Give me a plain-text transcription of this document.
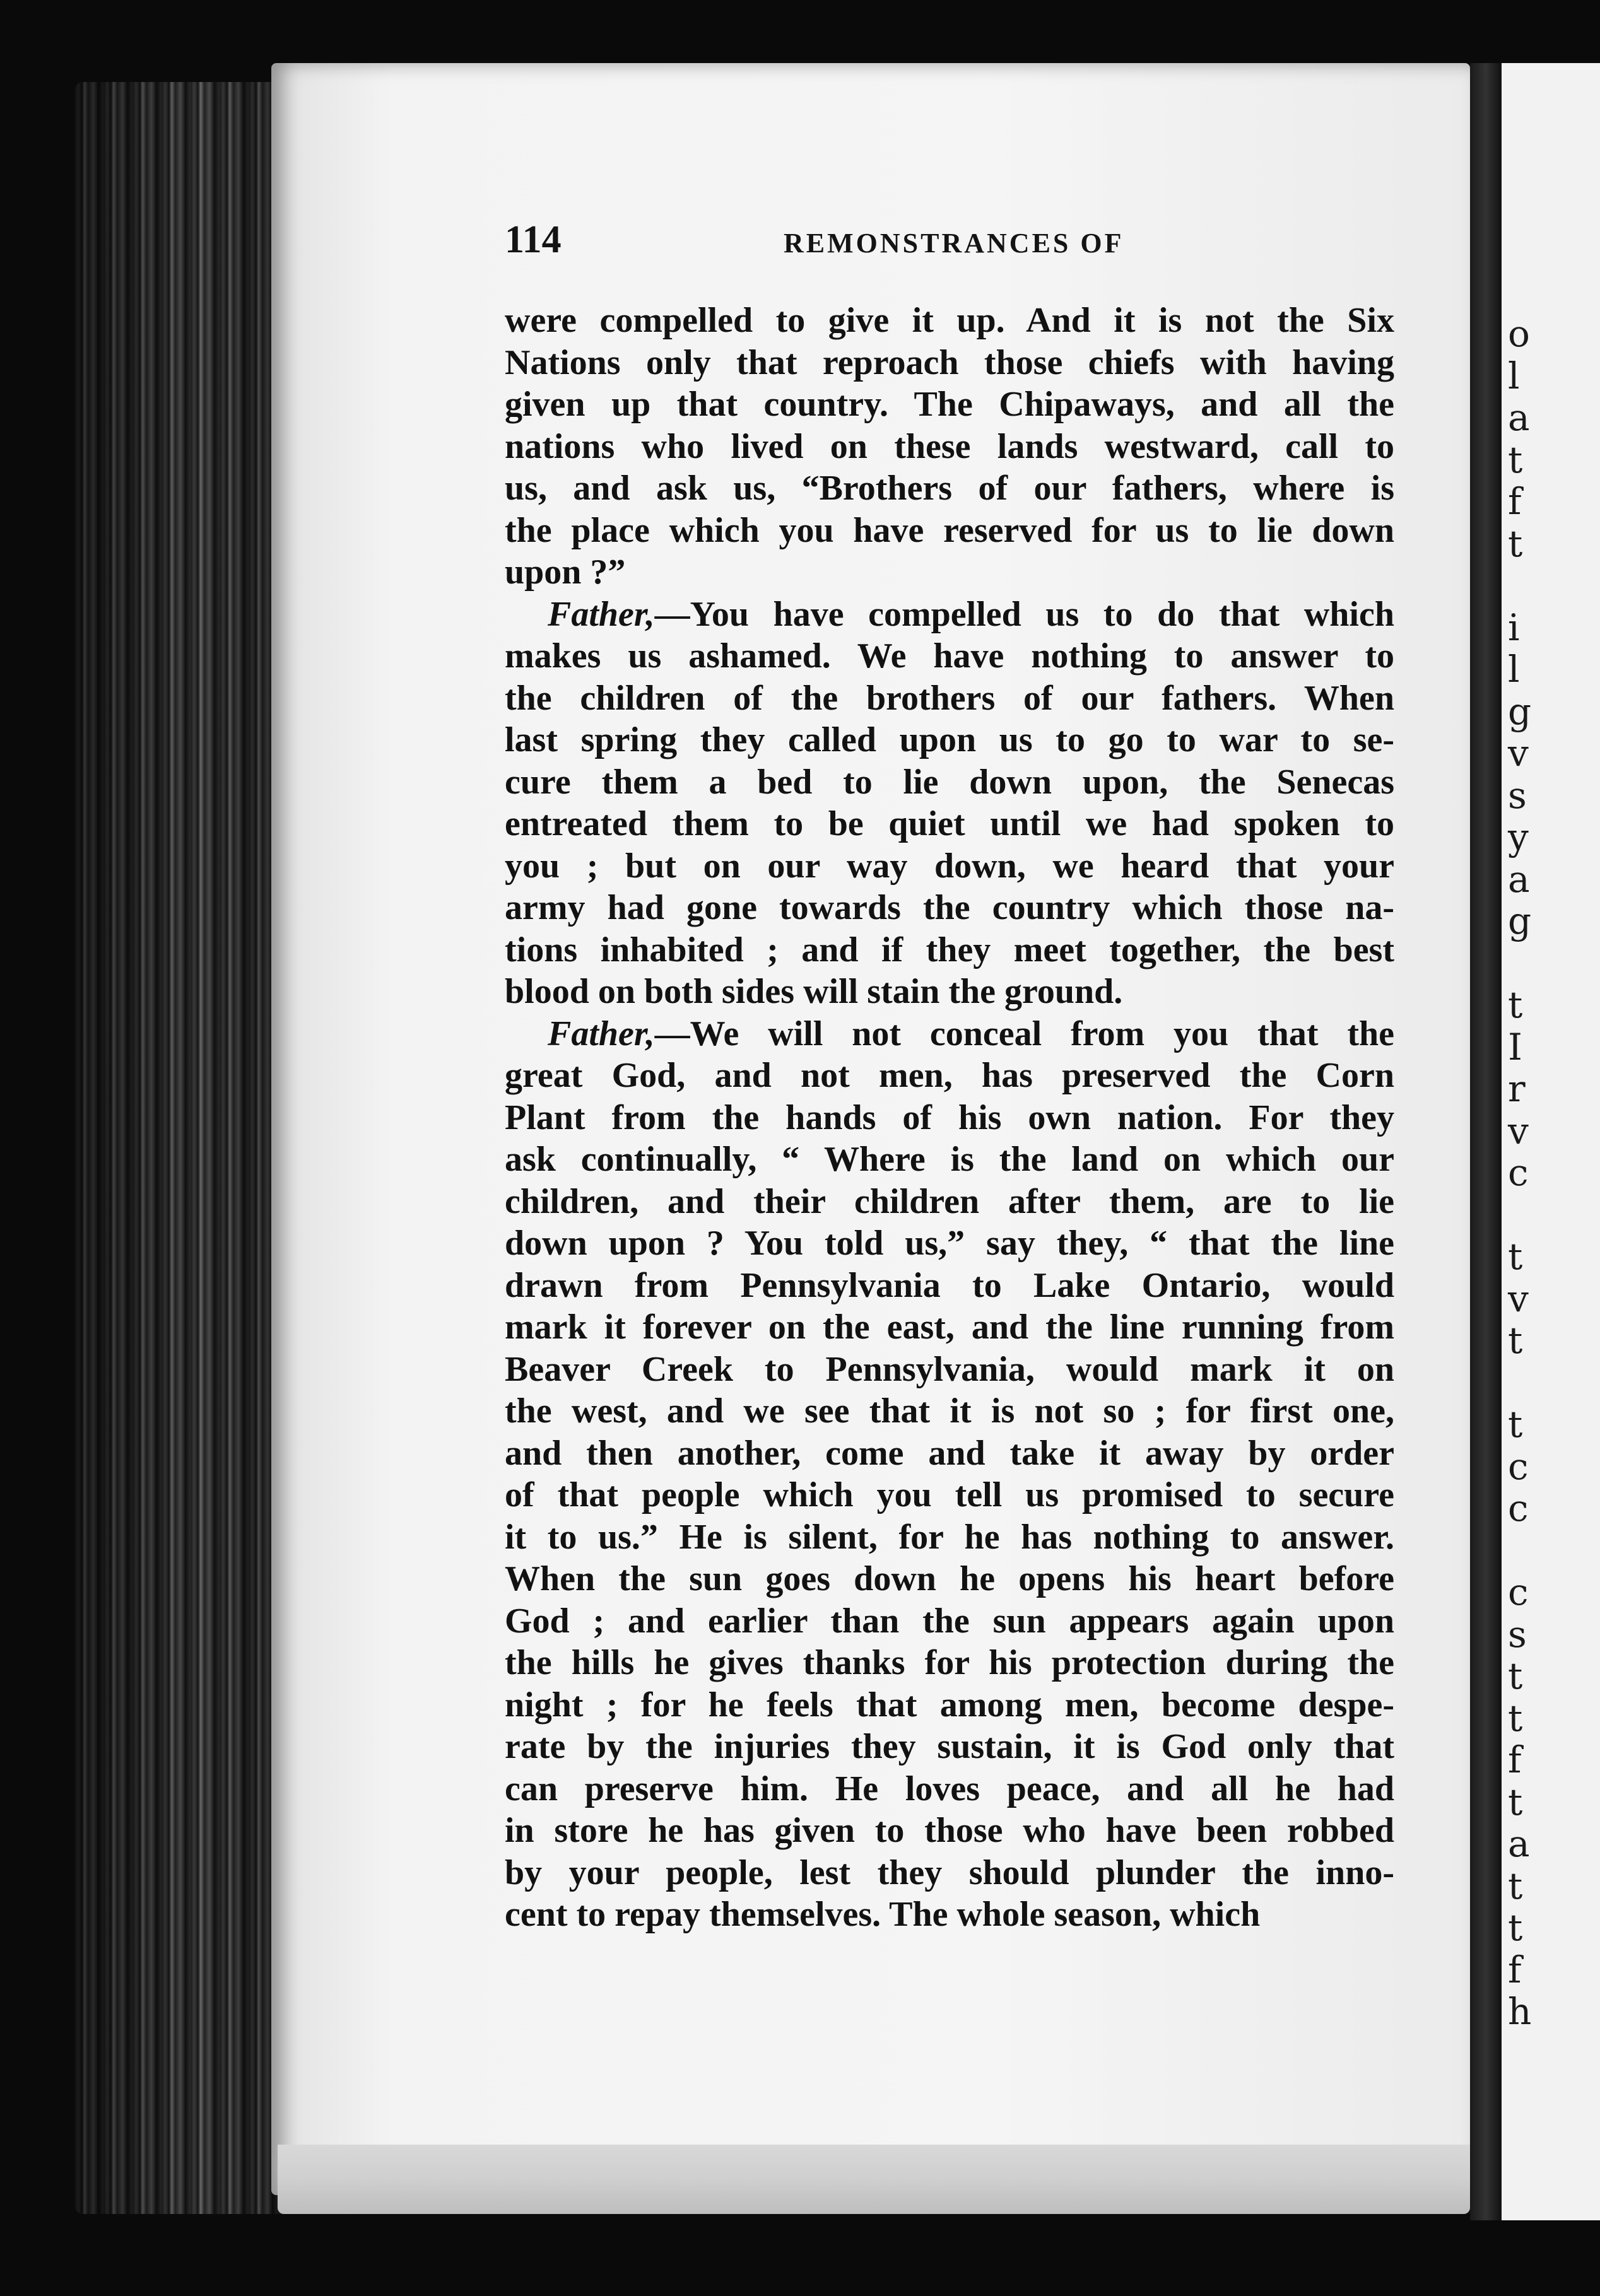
o
l
a
t
f
t
i
l
g
v
s
y
a
g
t
I
r
v
c
t
v
t
t
c
c
c
s
t
t
f
t
a
t
t
f
h
114	REMONSTRANCES OF
were compelled to give it up. And it is not the Six
Nations only that reproach those chiefs with having
given up that country. The Chipaways, and all the
nations who lived on these lands westward, call to
us, and ask us, “Brothers of our fathers, where is
the place which you have reserved for us to lie down
upon ?”
Father,—You have compelled us to do that which
makes us ashamed. We have nothing to answer to
the children of the brothers of our fathers. When
last spring they called upon us to go to war to se-
cure them a bed to lie down upon, the Senecas
entreated them to be quiet until we had spoken to
you ; but on our way down, we heard that your
army had gone towards the country which those na-
tions inhabited ; and if they meet together, the best
blood on both sides will stain the ground.
Father,—We will not conceal from you that the
great God, and not men, has preserved the Corn
Plant from the hands of his own nation. For they
ask continually, “ Where is the land on which our
children, and their children after them, are to lie
down upon ? You told us,” say they, “ that the line
drawn from Pennsylvania to Lake Ontario, would
mark it forever on the east, and the line running from
Beaver Creek to Pennsylvania, would mark it on
the west, and we see that it is not so ; for first one,
and then another, come and take it away by order
of that people which you tell us promised to secure
it to us.” He is silent, for he has nothing to answer.
When the sun goes down he opens his heart before
God ; and earlier than the sun appears again upon
the hills he gives thanks for his protection during the
night ; for he feels that among men, become despe-
rate by the injuries they sustain, it is God only that
can preserve him. He loves peace, and all he had
in store he has given to those who have been robbed
by your people, lest they should plunder the inno-
cent to repay themselves. The whole season, which
